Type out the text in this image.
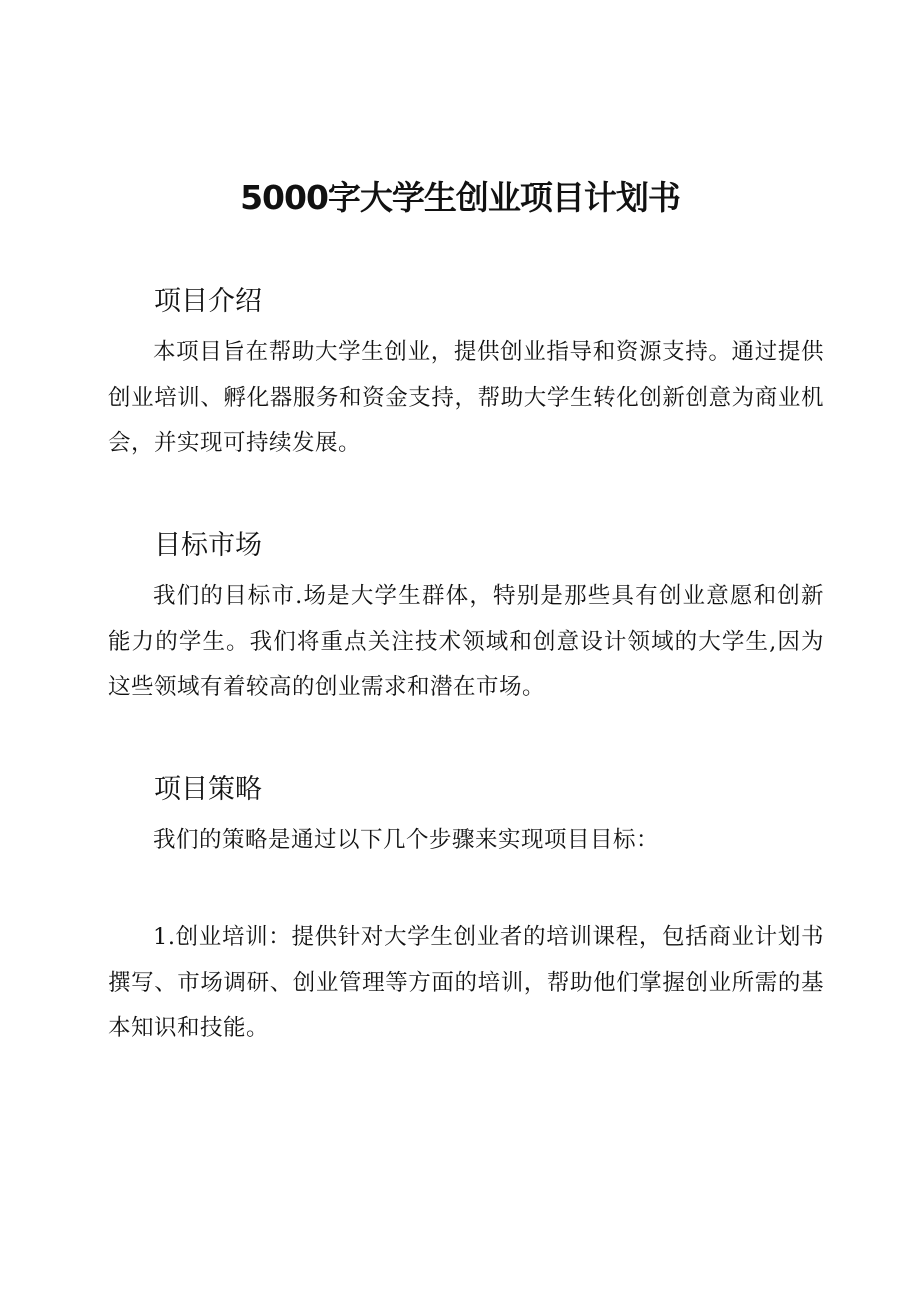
5000字大学生创业项目计划书
项目介绍

本项目旨在帮助大学生创业，提供创业指导和资源支持。通过提供创业培训、孵化器服务和资金支持，帮助大学生转化创新创意为商业机会，并实现可持续发展。

目标市场

我们的目标市.场是大学生群体，特别是那些具有创业意愿和创新能力的学生。我们将重点关注技术领域和创意设计领域的大学生,因为这些领域有着较高的创业需求和潜在市场。

项目策略

我们的策略是通过以下几个步骤来实现项目目标：

1.创业培训：提供针对大学生创业者的培训课程，包括商业计划书撰写、市场调研、创业管理等方面的培训，帮助他们掌握创业所需的基本知识和技能。
